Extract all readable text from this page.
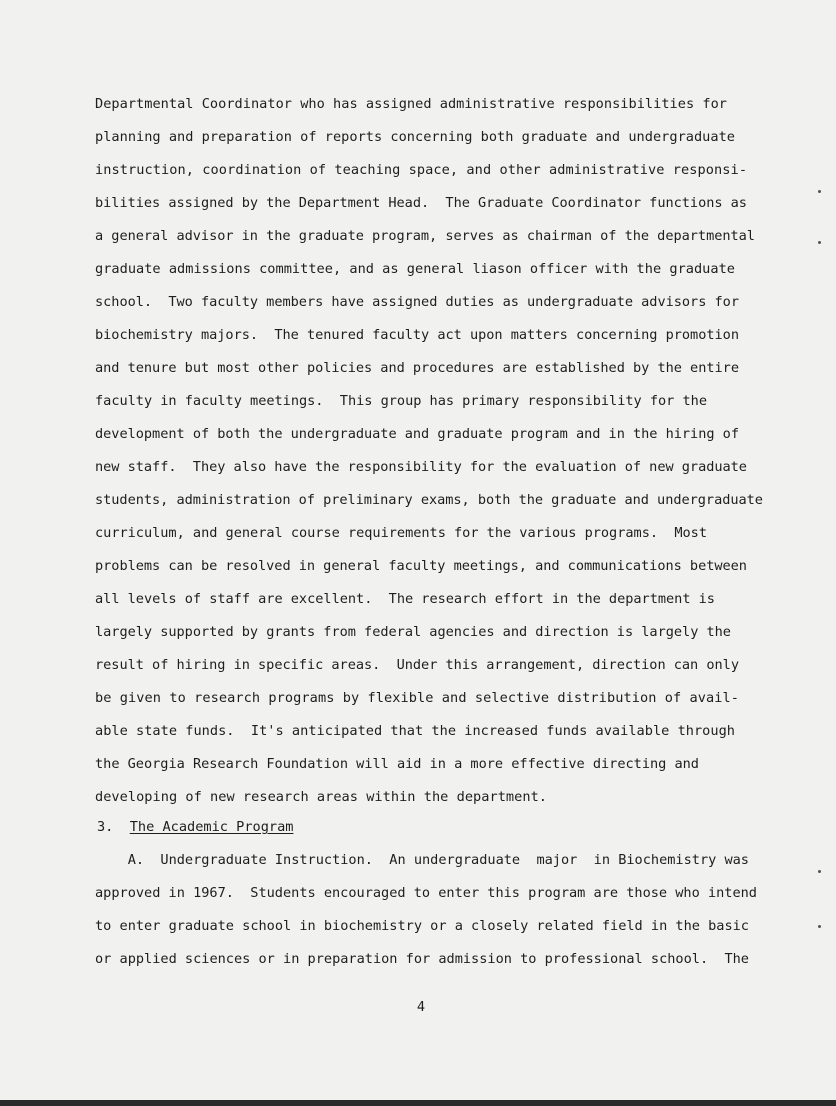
Departmental Coordinator who has assigned administrative responsibilities for

planning and preparation of reports concerning both graduate and undergraduate

instruction, coordination of teaching space, and other administrative responsi-

bilities assigned by the Department Head.  The Graduate Coordinator functions as

a general advisor in the graduate program, serves as chairman of the departmental

graduate admissions committee, and as general liason officer with the graduate

school.  Two faculty members have assigned duties as undergraduate advisors for

biochemistry majors.  The tenured faculty act upon matters concerning promotion

and tenure but most other policies and procedures are established by the entire

faculty in faculty meetings.  This group has primary responsibility for the

development of both the undergraduate and graduate program and in the hiring of

new staff.  They also have the responsibility for the evaluation of new graduate

students, administration of preliminary exams, both the graduate and undergraduate

curriculum, and general course requirements for the various programs.  Most

problems can be resolved in general faculty meetings, and communications between

all levels of staff are excellent.  The research effort in the department is

largely supported by grants from federal agencies and direction is largely the

result of hiring in specific areas.  Under this arrangement, direction can only

be given to research programs by flexible and selective distribution of avail-

able state funds.  It's anticipated that the increased funds available through

the Georgia Research Foundation will aid in a more effective directing and

developing of new research areas within the department.

3. The Academic Program

A.  Undergraduate Instruction.  An undergraduate  major  in Biochemistry was

approved in 1967.  Students encouraged to enter this program are those who intend

to enter graduate school in biochemistry or a closely related field in the basic

or applied sciences or in preparation for admission to professional school.  The

4
